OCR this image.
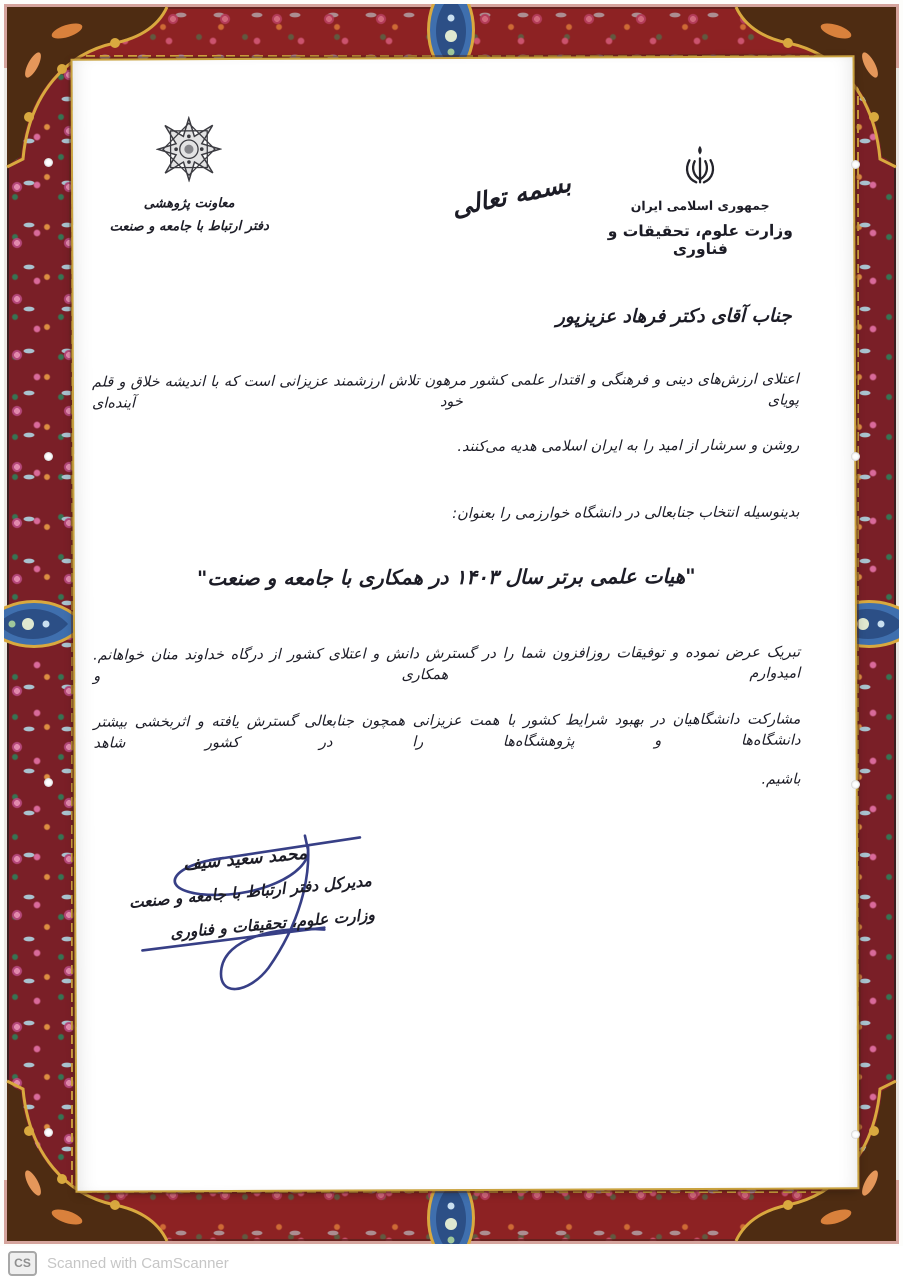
جمهوری اسلامی ایران
وزارت علوم، تحقیقات و فناوری
معاونت پژوهشی
دفتر ارتباط با جامعه و صنعت
بسمه تعالی
جناب آقای دکتر فرهاد عزیزپور
اعتلای ارزش‌های دینی و فرهنگی و اقتدار علمی کشور مرهون تلاش ارزشمند عزیزانی است که با اندیشه خلاق و قلم پویای خود آینده‌ای
روشن و سرشار از امید را به ایران اسلامی هدیه می‌کنند.
بدینوسیله انتخاب جنابعالی در دانشگاه خوارزمی را بعنوان:
"هیات علمی برتر سال ۱۴۰۳ در همکاری با جامعه و صنعت"
تبریک عرض نموده و توفیقات روزافزون شما را در گسترش دانش و اعتلای کشور از درگاه خداوند منان خواهانم. امیدوارم همکاری و
مشارکت دانشگاهیان در بهبود شرایط کشور با همت عزیزانی همچون جنابعالی گسترش یافته و اثربخشی بیشتر دانشگاه‌ها و پژوهشگاه‌ها را در کشور شاهد
باشیم.
محمد سعید سیف
مدیرکل دفتر ارتباط با جامعه و صنعت
وزارت علوم، تحقیقات و فناوری
CS	Scanned with CamScanner
